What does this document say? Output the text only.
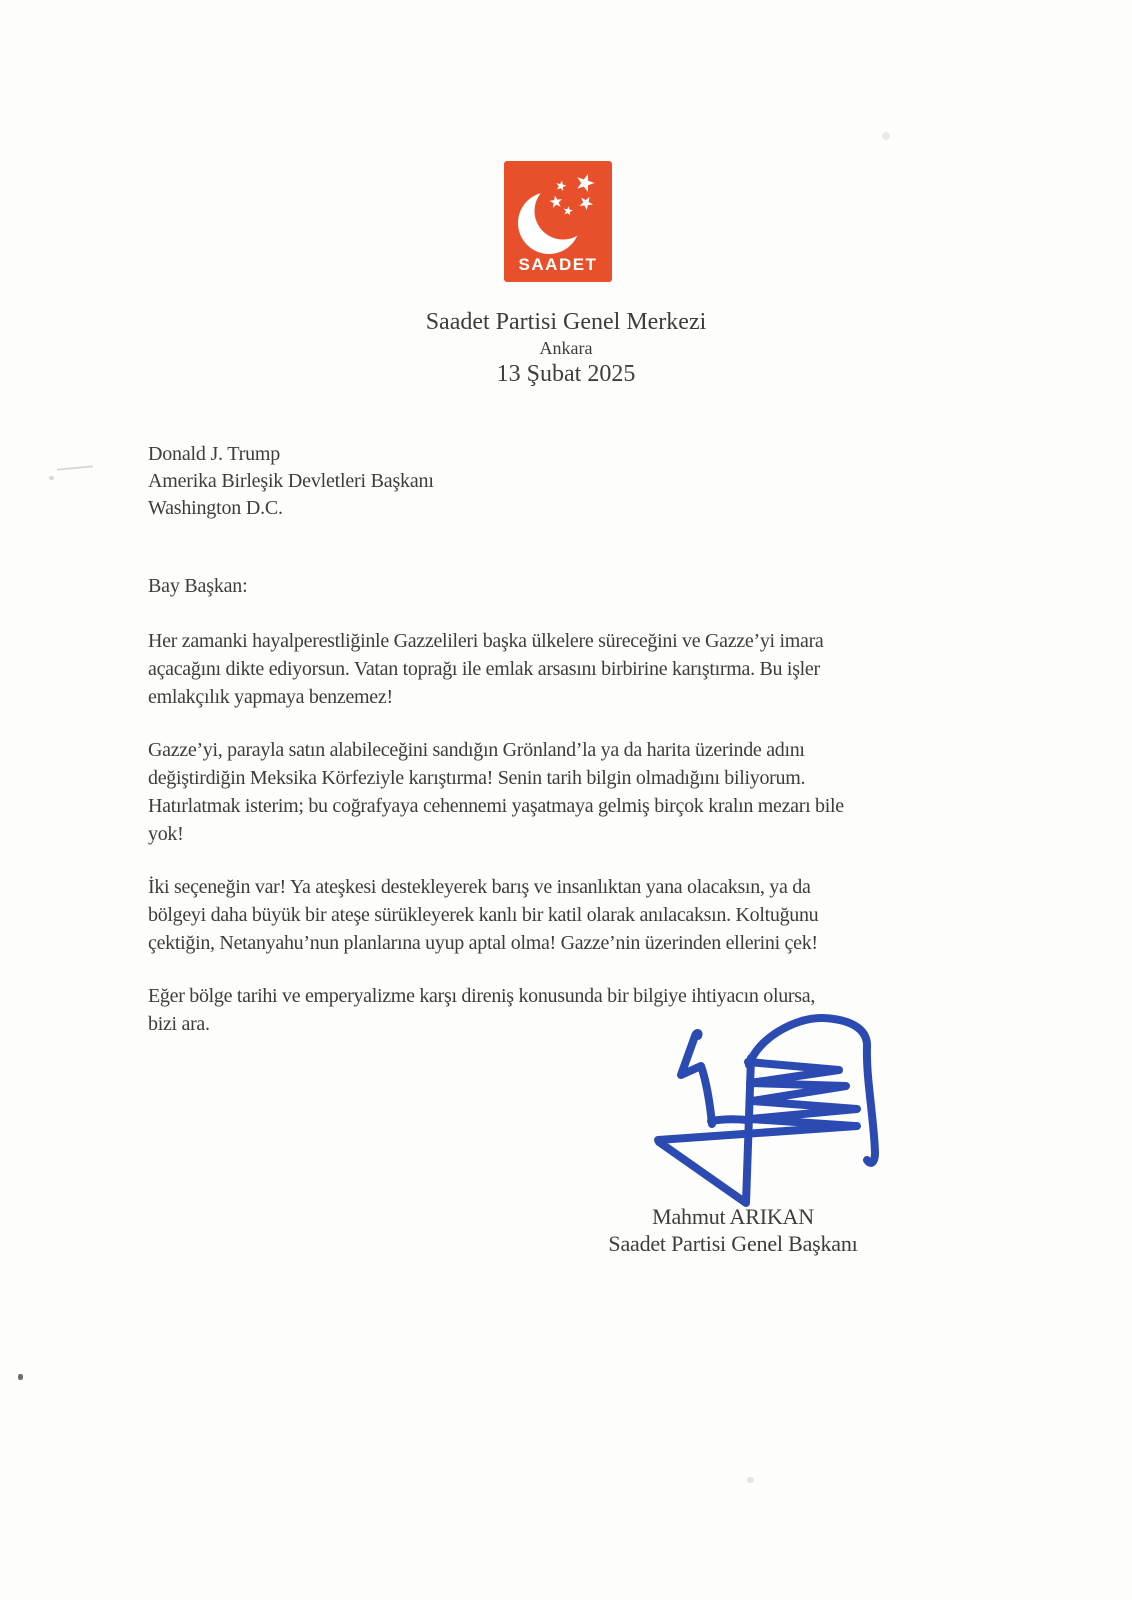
SAADET
Saadet Partisi Genel Merkezi
Ankara
13 Şubat 2025
Donald J. Trump
Amerika Birleşik Devletleri Başkanı
Washington D.C.
Bay Başkan:

Her zamanki hayalperestliğinle Gazzelileri başka ülkelere süreceğini ve Gazze’yi imara
açacağını dikte ediyorsun. Vatan toprağı ile emlak arsasını birbirine karıştırma. Bu işler
emlakçılık yapmaya benzemez!

Gazze’yi, parayla satın alabileceğini sandığın Grönland’la ya da harita üzerinde adını
değiştirdiğin Meksika Körfeziyle karıştırma! Senin tarih bilgin olmadığını biliyorum.
Hatırlatmak isterim; bu coğrafyaya cehennemi yaşatmaya gelmiş birçok kralın mezarı bile
yok!

İki seçeneğin var! Ya ateşkesi destekleyerek barış ve insanlıktan yana olacaksın, ya da
bölgeyi daha büyük bir ateşe sürükleyerek kanlı bir katil olarak anılacaksın. Koltuğunu
çektiğin, Netanyahu’nun planlarına uyup aptal olma! Gazze’nin üzerinden ellerini çek!

Eğer bölge tarihi ve emperyalizme karşı direniş konusunda bir bilgiye ihtiyacın olursa,
bizi ara.

Mahmut ARIKAN
Saadet Partisi Genel Başkanı
